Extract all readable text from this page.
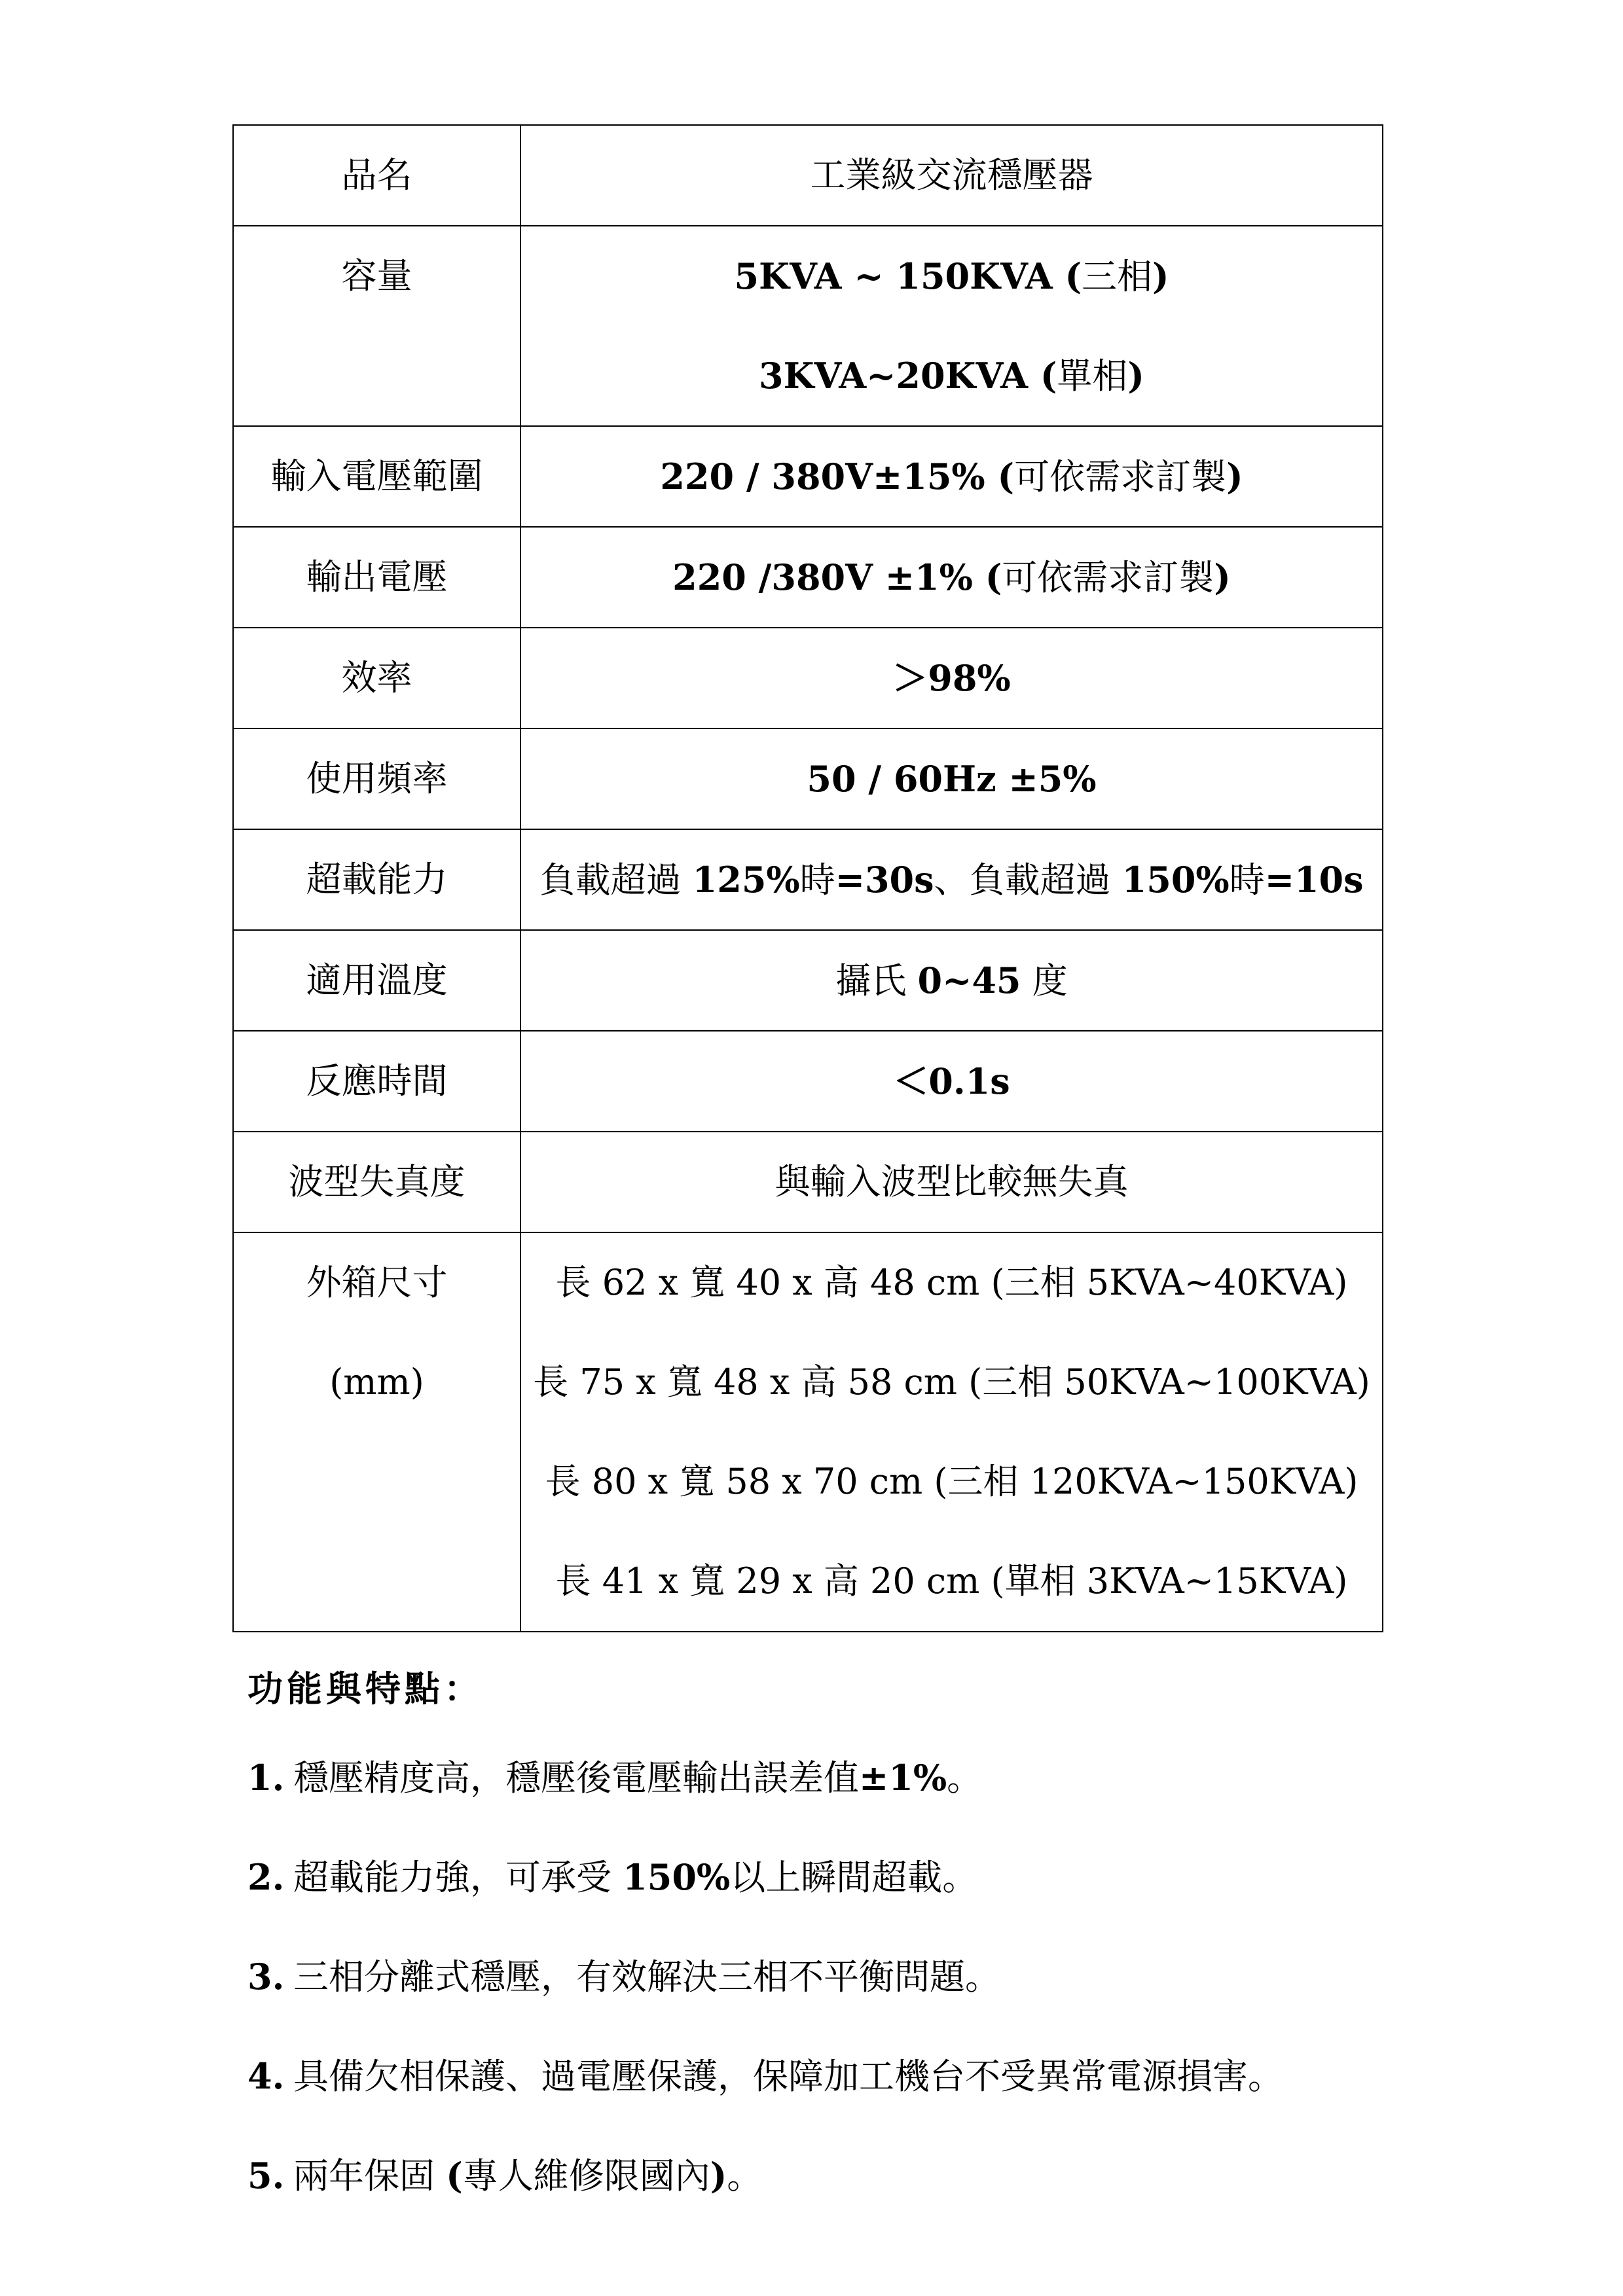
品名	工業級交流穩壓器

容量	5KVA ~ 150KVA (三相)
3KVA~20KVA (單相)

輸入電壓範圍	220 / 380V±15% (可依需求訂製)

輸出電壓	220 /380V ±1% (可依需求訂製)

效率	＞98%

使用頻率	50 / 60Hz ±5%

超載能力	負載超過 125%時=30s、負載超過 150%時=10s

適用溫度	攝氏 0~45 度

反應時間	＜0.1s

波型失真度	與輸入波型比較無失真

外箱尺寸
(mm)	長 62 x 寬 40 x 高 48 cm (三相 5KVA~40KVA)
長 75 x 寬 48 x 高 58 cm (三相 50KVA~100KVA)
長 80 x 寬 58 x 70 cm (三相 120KVA~150KVA)
長 41 x 寬 29 x 高 20 cm (單相 3KVA~15KVA)
功能與特點：
1. 穩壓精度高，穩壓後電壓輸出誤差值±1%。
2. 超載能力強，可承受 150%以上瞬間超載。
3. 三相分離式穩壓，有效解決三相不平衡問題。
4. 具備欠相保護、過電壓保護，保障加工機台不受異常電源損害。
5. 兩年保固 (專人維修限國內)。
